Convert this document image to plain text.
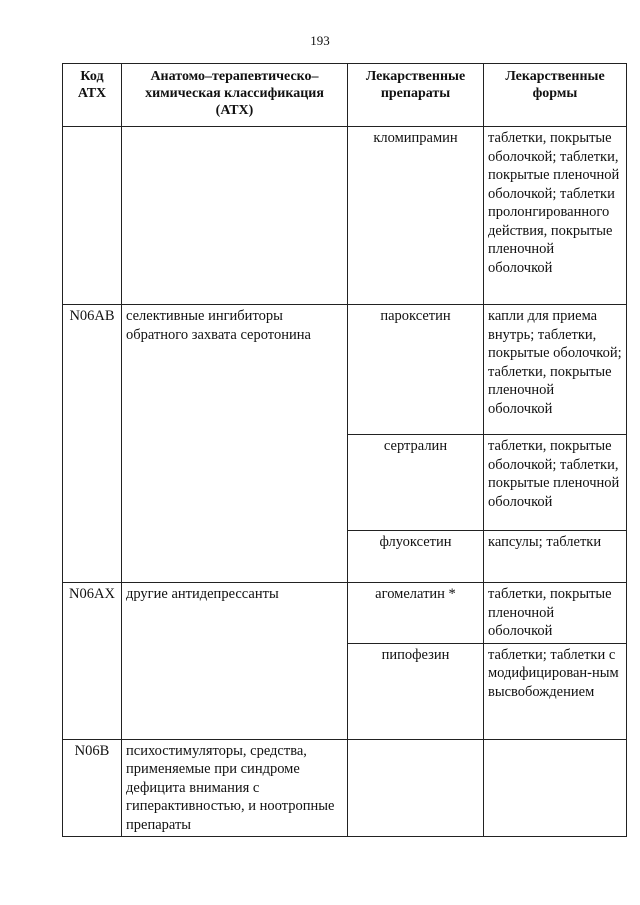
193
Код АТХ	Анатомо–терапевтическо–химическая классификация (АТХ)	Лекарственные препараты	Лекарственные формы
		кломипрамин	таблетки, покрытые оболочкой; таблетки, покрытые пленочной оболочкой; таблетки пролонгированного действия, покрытые пленочной оболочкой
N06AB	селективные ингибиторы обратного захвата серотонина	пароксетин	капли для приема внутрь; таблетки, покрытые оболочкой; таблетки, покрытые пленочной оболочкой
		сертралин	таблетки, покрытые оболочкой; таблетки, покрытые пленочной оболочкой
		флуоксетин	капсулы; таблетки
N06AX	другие антидепрессанты	агомелатин *	таблетки, покрытые пленочной оболочкой
		пипофезин	таблетки; таблетки с модифицирован-ным высвобождением
N06B	психостимуляторы, средства, применяемые при синдроме дефицита внимания с гиперактивностью, и ноотропные препараты		
